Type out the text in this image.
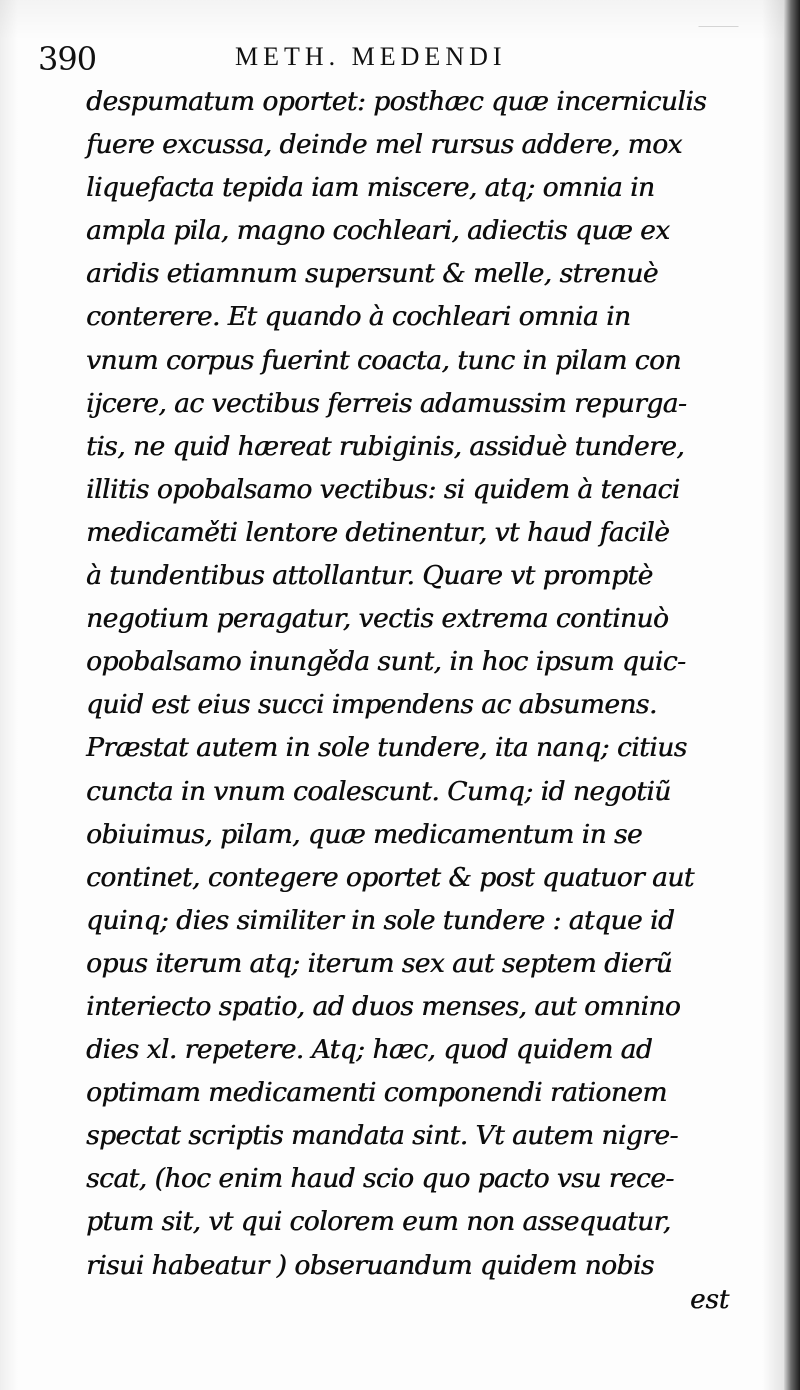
390	METH. MEDENDI
despumatum oportet: posthæc quæ incerniculis
fuere excussa, deinde mel rursus addere, mox
liquefacta tepida iam miscere, atq; omnia in
ampla pila, magno cochleari, adiectis quæ ex
aridis etiamnum supersunt & melle, strenuè
conterere. Et quando à cochleari omnia in
vnum corpus fuerint coacta, tunc in pilam con
ijcere, ac vectibus ferreis adamussim repurga-
tis, ne quid hæreat rubiginis, assiduè tundere,
illitis opobalsamo vectibus: si quidem à tenaci
medicaměti lentore detinentur, vt haud facilè
à tundentibus attollantur. Quare vt promptè
negotium peragatur, vectis extrema continuò
opobalsamo inungěda sunt, in hoc ipsum quic-
quid est eius succi impendens ac absumens.
Præstat autem in sole tundere, ita nanq; citius
cuncta in vnum coalescunt. Cumq; id negotiũ
obiuimus, pilam, quæ medicamentum in se
continet, contegere oportet & post quatuor aut
quinq; dies similiter in sole tundere : atque id
opus iterum atq; iterum sex aut septem dierũ
interiecto spatio, ad duos menses, aut omnino
dies xl. repetere. Atq; hæc, quod quidem ad
optimam medicamenti componendi rationem
spectat scriptis mandata sint. Vt autem nigre-
scat, (hoc enim haud scio quo pacto vsu rece-
ptum sit, vt qui colorem eum non assequatur,
risui habeatur ) obseruandum quidem nobis
est
